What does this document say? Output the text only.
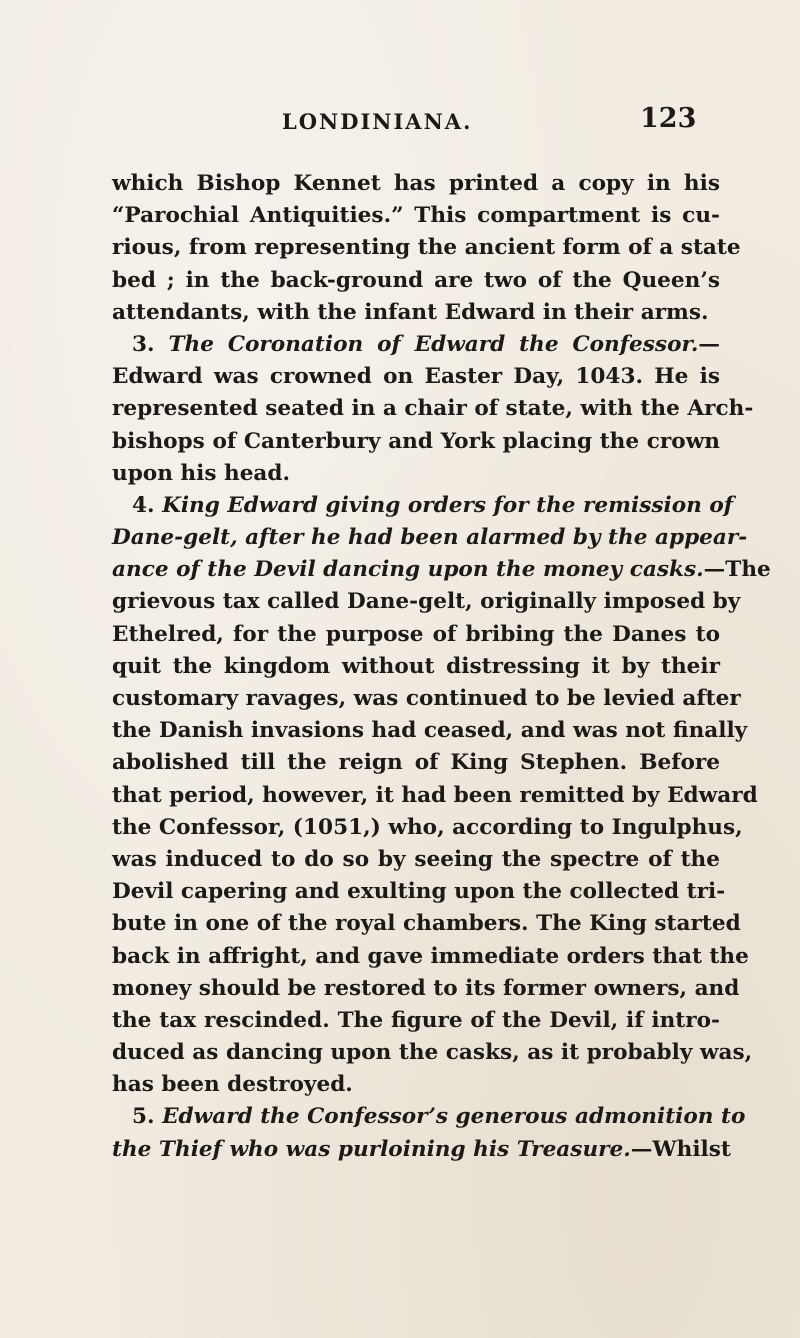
LONDINIANA.	123
which Bishop Kennet has printed a copy in his
“Parochial Antiquities.” This compartment is cu-
rious, from representing the ancient form of a state
bed ; in the back-ground are two of the Queen’s
attendants, with the infant Edward in their arms.
3. The Coronation of Edward the Confessor.—
Edward was crowned on Easter Day, 1043. He is
represented seated in a chair of state, with the Arch-
bishops of Canterbury and York placing the crown
upon his head.
4. King Edward giving orders for the remission of
Dane-gelt, after he had been alarmed by the appear-
ance of the Devil dancing upon the money casks.—The
grievous tax called Dane-gelt, originally imposed by
Ethelred, for the purpose of bribing the Danes to
quit the kingdom without distressing it by their
customary ravages, was continued to be levied after
the Danish invasions had ceased, and was not finally
abolished till the reign of King Stephen. Before
that period, however, it had been remitted by Edward
the Confessor, (1051,) who, according to Ingulphus,
was induced to do so by seeing the spectre of the
Devil capering and exulting upon the collected tri-
bute in one of the royal chambers. The King started
back in affright, and gave immediate orders that the
money should be restored to its former owners, and
the tax rescinded. The figure of the Devil, if intro-
duced as dancing upon the casks, as it probably was,
has been destroyed.
5. Edward the Confessor’s generous admonition to
the Thief who was purloining his Treasure.—Whilst
